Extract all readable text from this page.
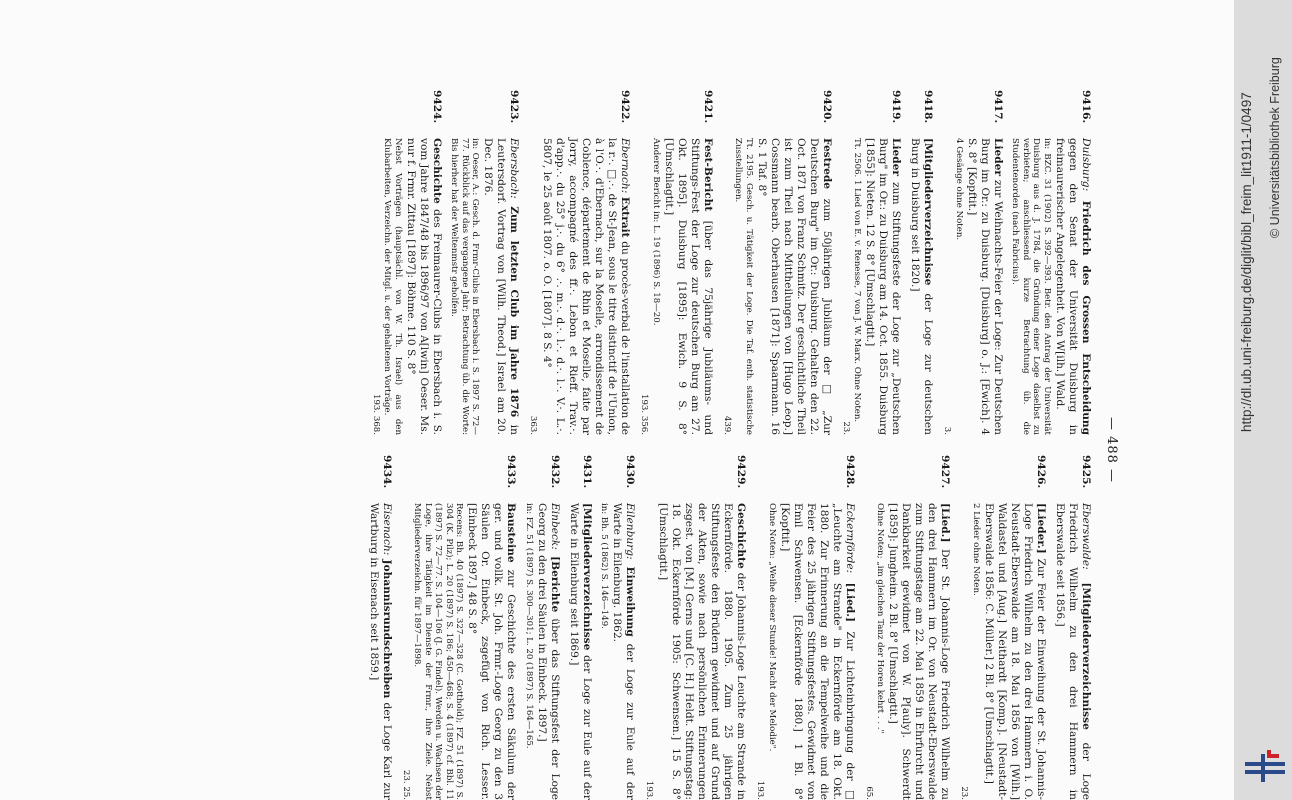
— 488 —
9416.
Duisburg: Friedrich des Grossen Entscheidung gegen den Senat der Universität Duisburg in freimaurerischer Angelegenheit. Von W[ilh.] Wald.
in: BZC. 31 (1902) S. 392—393. Betr. den Antrag der Universität Duisburg aus d. J. 1784, die Gründung einer Loge daselbst zu verbieten; anschliessend kurze Betrachtung üb. die Studentenorden (nach Fabricius).
9417.
Lieder zur Weihnachts-Feier der Loge: Zur Deutschen Burg im Or.: zu Duisburg. [Duisburg] o. J.: [Ewich]. 4 S. 8° [Kopftit.]
4 Gesänge ohne Noten.
3.
9418.
[Mitgliederverzeichnisse der Loge zur deutschen Burg in Duisburg seit 1820.]
9419.
Lieder zum Stiftungsfeste der Loge zur „Deutschen Burg" im Or.: zu Duisburg am 14. Oct. 1855. Duisburg [1855]: Nieten. 12 S. 8° [Umschlagtit.]
Tt. 2506. 1 Lied von E. v. Renesse, 7 von J. W. Marx. Ohne Noten.
23.
9420.
Festrede zum 50jährigen Jubiläum der □ „Zur Deutschen Burg" im Or.: Duisburg. Gehalten den 22. Oct. 1871 von Franz Schmitz. Der geschichtliche Theil ist zum Theil nach Mittheilungen von [Hugo Leop.] Cossmann bearb. Oberhausen [1871]: Spaarmann. 16 S. 1 Taf. 8°
Tt. 2195. Gesch. u. Tätigkeit der Loge. Die Taf. enth. statistische Zusstellungen.
439.
9421.
Fest-Bericht [über das 75jährige Jubiläums- und Stiftungs-Fest der Loge zur deutschen Burg am 27. Okt. 1895]. Duisburg [1895]: Ewich. 9 S. 8° [Umschlagtit.]
Anderer Bericht in: L. 19 (1896) S. 18—20.
193. 356.
9422.
Ebernach: Extrait du procès-verbal de l'installation de la r.·. □.·. de St-Jean, sous le titre distinctif de l'Union, à l'O.·. d'Ebernach, sur la Moselle, arrondissement de Coblence, département de Rhin et Moselle, faite par Jorry, accompagné des ff.·. Lebon et Rieff. Trav.·. d'app.·. du 25° j.·. du 6° .·. m.·. d.·. l.·. d.·. l.·. V.·. L.·. 5807, le 25 août 1807. o. O. [1807]. 8 S. 4°
363.
9423.
Ebersbach: Zum letzten Club im Jahre 1876 in Leutersdorf. Vortrag von [Wilh. Theod.] Israel am 20. Dec. 1876.
in: Oeser, A.: Gesch. d. Frmr-Clubs in Ebersbach i. S. 1897 S. 72—77. Rückblick auf das vergangene Jahr; Betrachtung üb. die Worte: Bis hierher hat der Weltenmstr geholfen.
9424.
Geschichte des Freimaurer-Clubs in Ebersbach i. S. vom Jahre 1847/48 bis 1896/97 von A[lwin] Oeser. Ms. nur f. Frmr. Zittau [1897]: Böhme. 110 S. 8°
Nebst Vorträgen (hauptsächl. von W. Th. Israel) aus den Klubarbeiten, Verzeichn. der Mitgl. u. der gehaltenen Vorträge.
193. 368.
9425.
Eberswalde: [Mitgliederverzeichnisse der Loge Friedrich Wilhelm zu den drei Hammern in Eberswalde seit 1856.]
9426.
[Lieder.] Zur Feier der Einweihung der St. Johannis-Loge Friedrich Wilhelm zu den drei Hammern i. O. Neustadt-Eberswalde am 18. Mai 1856 von [Wilh.] Waldastel und [Aug.] Neithardt [Komp.]. [Neustadt-Eberswalde 1856: C. Müller.] 2 Bl. 8° [Umschlagtit.]
2 Lieder ohne Noten.
23.
9427.
[Lied.] Der St. Johannis-Loge Friedrich Wilhelm zu den drei Hammern im Or. von Neustadt-Eberswalde zum Stiftungstage am 22. Mai 1859 in Ehrfurcht und Dankbarkeit gewidmet von W. P[auly]. Schwerdt [1859]: Jungheim. 2 Bl. 8° [Umschlagtit.]
Ohne Noten; „im gleichen Tanz der Horen kehrt . . ."
65.
9428.
Eckernförde: [Lied.] Zur Lichteinbringung der □ „Leuchte am Strande" in Eckernförde am 18. Okt. 1880. Zur Erinnerung an die Tempelweihe und die Feier des 25 jährigen Stiftungsfestes. Gewidmet von Emil Schwensen. [Eckernförde 1880.] 1 Bl. 8° [Kopftit.]
Ohne Noten: „Weihe dieser Stunde! Macht der Melodie".
193.
9429.
Geschichte der Johannis-Loge Leuchte am Strande in Eckernförde. 1880. 1905. Zum 25 jährigen Stiftungsfeste den Brüdern gewidmet und auf Grund der Akten, sowie nach persönlichen Erinnerungen zsgest. von [M.] Gerns und [C. H.] Heldt. Stiftungstag: 18. Okt. Eckernförde 1905: Schwensen.] 15 S. 8° [Umschlagtit.]
193.
9430.
Eilenburg: Einweihung der Loge zur Eule auf der Warte in Eilenburg. 1862.
in: Bh. 5 (1862) S. 146—149.
9431.
[Mitgliederverzeichnisse der Loge zur Eule auf der Warte in Eilenburg seit 1869.]
9432.
Einbeck: [Berichte über das Stiftungsfest der Loge Georg zu den drei Säulen in Einbeck. 1897.]
in: FZ. 51 (1897) S. 300—301; L. 20 (1897) S. 164—165.
9433.
Bausteine zur Geschichte des ersten Säkulum der ger. und vollk. St. Joh. Frmr.-Loge Georg zu den 3 Säulen Or. Einbeck, zsgefügt von Rich. Lesser. [Einbeck 1897.] 48 S. 8°
Recens: Bh. 40 (1897) S. 327—328 (C. Gotthold); FZ. 51 (1897) S. 304 (K. Pilz); L. 20 (1897) S. 186; 450—468; S. 4 (1897) cf. Bbl. 11 (1897) S. 72—77. S. 104—106 (J. G. Findel). Werden u. Wachsen der Loge, ihre Tätigkeit im Dienste der Frmr., ihre Ziele. Nebst Mitgliederverzeichn. für 1897—1898.
23. 25.
9434.
Eisenach: Johannisrundschreiben der Loge Karl zur Wartburg in Eisenach seit 1859.]
http://dl.ub.uni-freiburg.de/diglit/bibl_freim_lit1911-1/0497 © Universitätsbibliothek Freiburg
